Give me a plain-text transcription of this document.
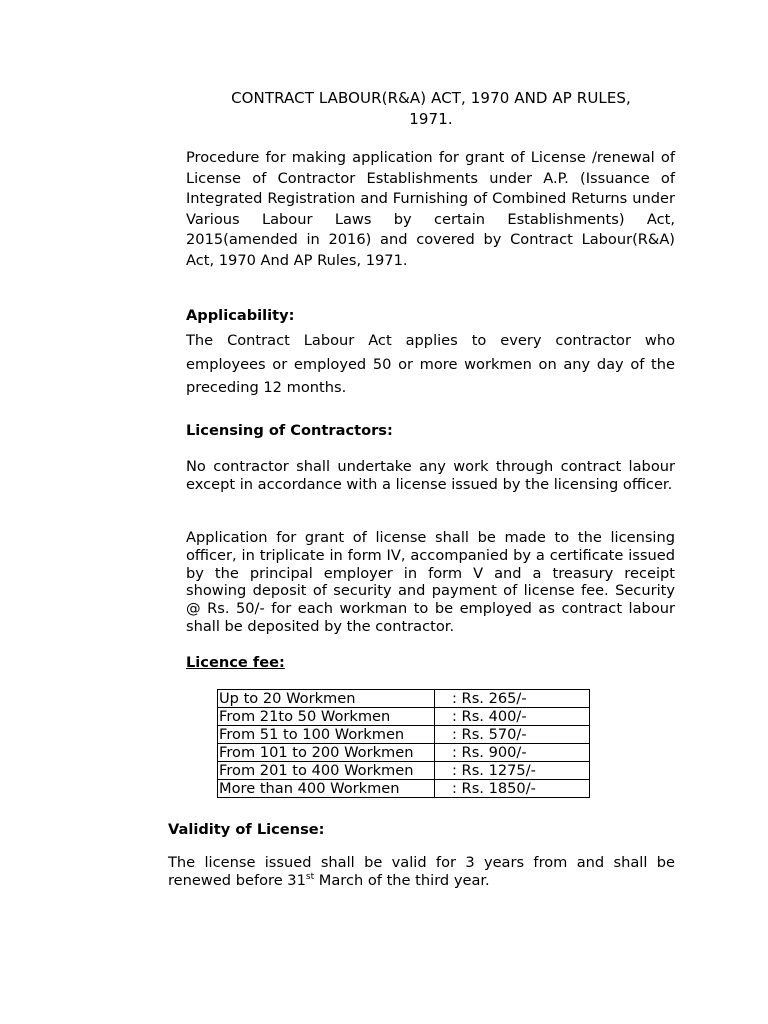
CONTRACT LABOUR(R&A) ACT, 1970 AND AP RULES,
1971.

Procedure for making application for grant of License /renewal of License of Contractor Establishments under A.P. (Issuance of Integrated Registration and Furnishing of Combined Returns under Various Labour Laws by certain Establishments) Act, 2015(amended in 2016) and covered by Contract Labour(R&A) Act, 1970 And AP Rules, 1971.

Applicability:

The Contract Labour Act applies to every contractor who employees or employed 50 or more workmen on any day of the preceding 12 months.

Licensing of Contractors:

No contractor shall undertake any work through contract labour except in accordance with a license issued by the licensing officer.

Application for grant of license shall be made to the licensing officer, in triplicate in form IV, accompanied by a certificate issued by the principal employer in form V and a treasury receipt showing deposit of security and payment of license fee. Security @ Rs. 50/- for each workman to be employed as contract labour shall be deposited by the contractor.

Licence fee:

Up to 20 Workmen	: Rs. 265/-
From 21to 50 Workmen	: Rs. 400/-
From 51 to 100 Workmen	: Rs. 570/-
From 101 to 200 Workmen	: Rs. 900/-
From 201 to 400 Workmen	: Rs. 1275/-
More than 400 Workmen	: Rs. 1850/-

Validity of License:

The license issued shall be valid for 3 years from and shall be renewed before 31st March of the third year.
